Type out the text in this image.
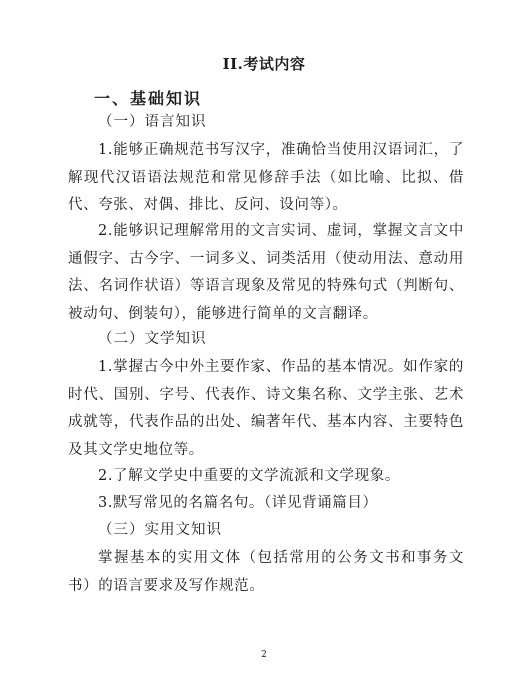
II.考试内容
一、基础知识
（一）语言知识
1.能够正确规范书写汉字，准确恰当使用汉语词汇，了解现代汉语语法规范和常见修辞手法（如比喻、比拟、借代、夸张、对偶、排比、反问、设问等）。
2.能够识记理解常用的文言实词、虚词，掌握文言文中通假字、古今字、一词多义、词类活用（使动用法、意动用法、名词作状语）等语言现象及常见的特殊句式（判断句、被动句、倒装句），能够进行简单的文言翻译。
（二）文学知识
1.掌握古今中外主要作家、作品的基本情况。如作家的时代、国别、字号、代表作、诗文集名称、文学主张、艺术成就等，代表作品的出处、编著年代、基本内容、主要特色及其文学史地位等。
2.了解文学史中重要的文学流派和文学现象。
3.默写常见的名篇名句。（详见背诵篇目）
（三）实用文知识
掌握基本的实用文体（包括常用的公务文书和事务文书）的语言要求及写作规范。
2
